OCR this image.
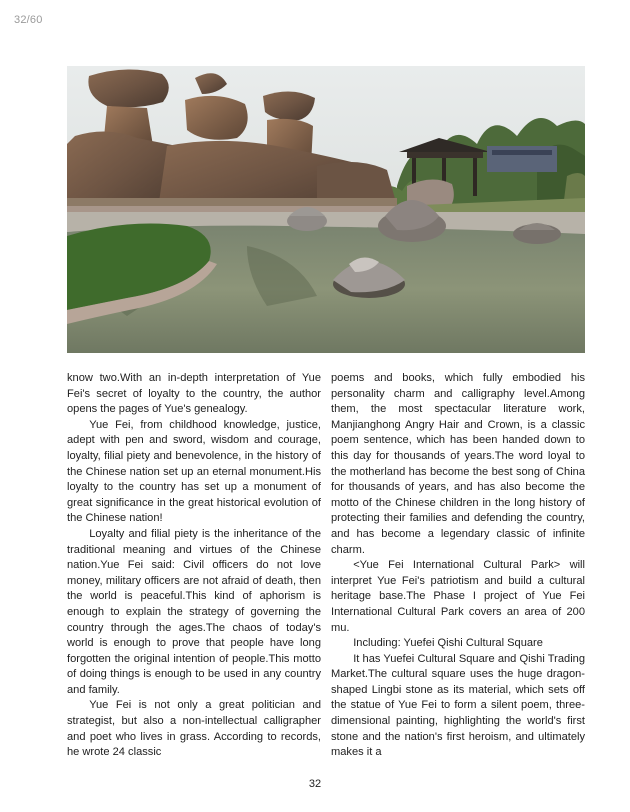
32/60

know two.With an in-depth interpretation of Yue Fei's secret of loyalty to the country, the author opens the pages of Yue's genealogy.

Yue Fei, from childhood knowledge, justice, adept with pen and sword, wisdom and courage, loyalty, filial piety and benevolence, in the history of the Chinese nation set up an eternal monument.His loyalty to the country has set up a monument of great significance in the great historical evolution of the Chinese nation!

Loyalty and filial piety is the inheritance of the traditional meaning and virtues of the Chinese nation.Yue Fei said: Civil officers do not love money, military officers are not afraid of death, then the world is peaceful.This kind of aphorism is enough to explain the strategy of governing the country through the ages.The chaos of today's world is enough to prove that people have long forgotten the original intention of people.This motto of doing things is enough to be used in any country and family.

Yue Fei is not only a great politician and strategist, but also a non-intellectual calligrapher and poet who lives in grass. According to records, he wrote 24 classic

poems and books, which fully embodied his personality charm and calligraphy level.Among them, the most spectacular literature work, Manjianghong Angry Hair and Crown, is a classic poem sentence, which has been handed down to this day for thousands of years.The word loyal to the motherland has become the best song of China for thousands of years, and has also become the motto of the Chinese children in the long history of protecting their families and defending the country, and has become a legendary classic of infinite charm.

<Yue Fei International Cultural Park> will interpret Yue Fei's patriotism and build a cultural heritage base.The Phase I project of Yue Fei International Cultural Park covers an area of 200 mu.

Including: Yuefei Qishi Cultural Square

It has Yuefei Cultural Square and Qishi Trading Market.The cultural square uses the huge dragon-shaped Lingbi stone as its material, which sets off the statue of Yue Fei to form a silent poem, three-dimensional painting, highlighting the world's first stone and the nation's first heroism, and ultimately makes it a

32
